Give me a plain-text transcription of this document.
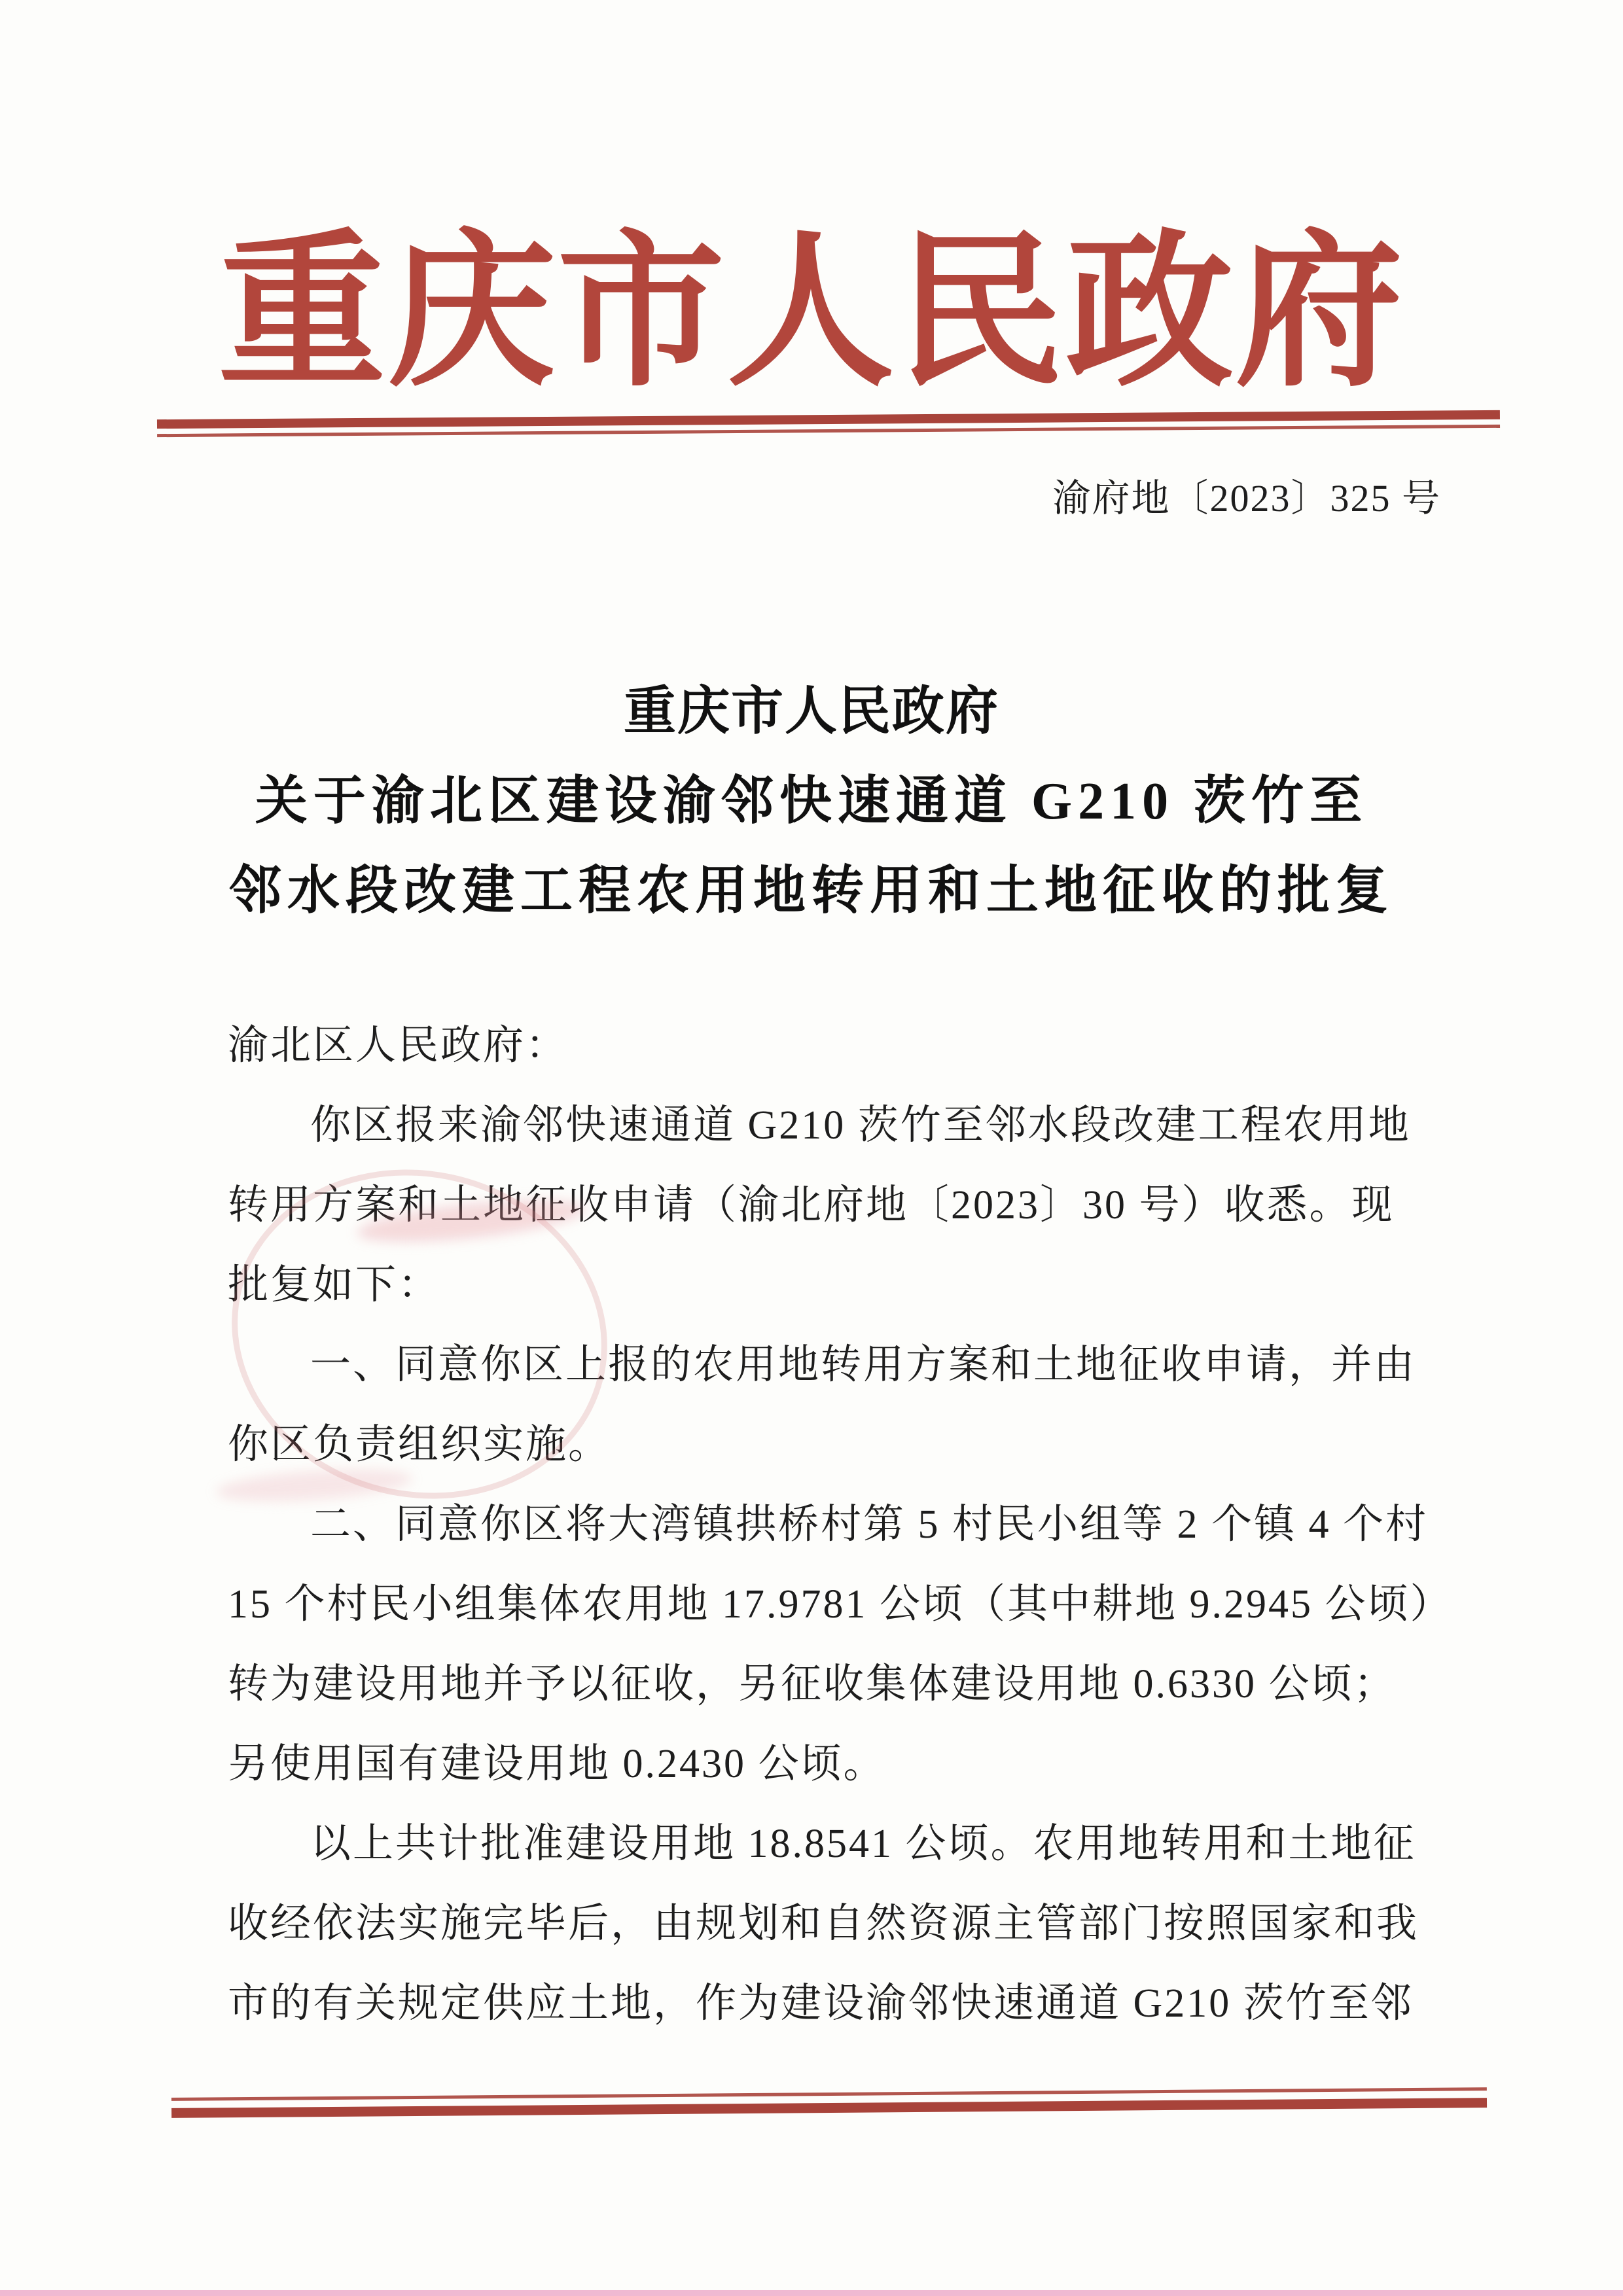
重庆市人民政府
渝府地〔2023〕325 号
重庆市人民政府
关于渝北区建设渝邻快速通道 G210 茨竹至
邻水段改建工程农用地转用和土地征收的批复
渝北区人民政府：
你区报来渝邻快速通道 G210 茨竹至邻水段改建工程农用地
转用方案和土地征收申请（渝北府地〔2023〕30 号）收悉。现
批复如下：
一、同意你区上报的农用地转用方案和土地征收申请，并由
你区负责组织实施。
二、同意你区将大湾镇拱桥村第 5 村民小组等 2 个镇 4 个村
15 个村民小组集体农用地 17.9781 公顷（其中耕地 9.2945 公顷）
转为建设用地并予以征收，另征收集体建设用地 0.6330 公顷；
另使用国有建设用地 0.2430 公顷。
以上共计批准建设用地 18.8541 公顷。农用地转用和土地征
收经依法实施完毕后，由规划和自然资源主管部门按照国家和我
市的有关规定供应土地，作为建设渝邻快速通道 G210 茨竹至邻
